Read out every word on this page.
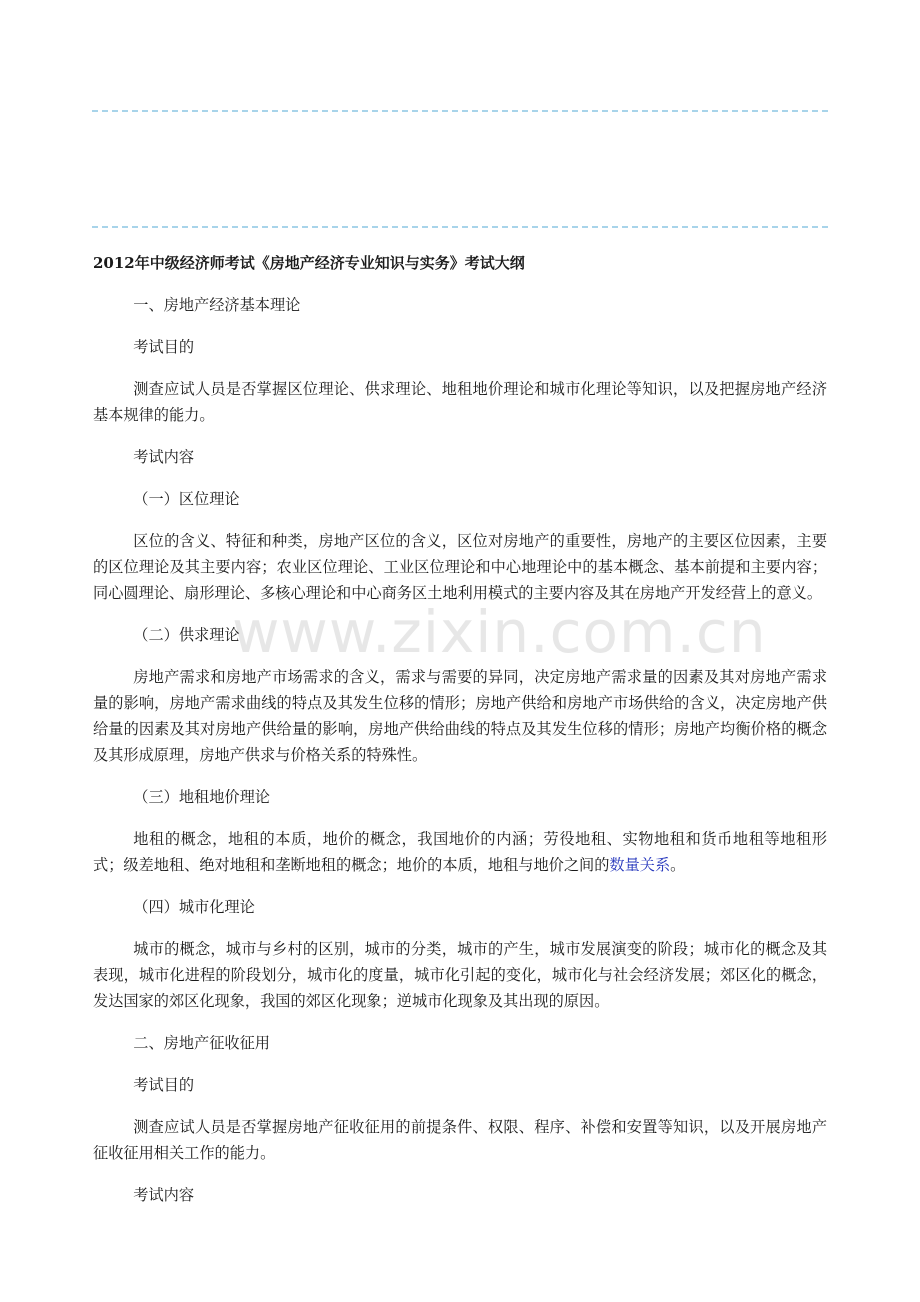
www.zixin.com.cn

2012年中级经济师考试《房地产经济专业知识与实务》考试大纲

一、房地产经济基本理论

考试目的

测查应试人员是否掌握区位理论、供求理论、地租地价理论和城市化理论等知识，以及把握房地产经济基本规律的能力。

考试内容

（一）区位理论

区位的含义、特征和种类，房地产区位的含义，区位对房地产的重要性，房地产的主要区位因素，主要的区位理论及其主要内容；农业区位理论、工业区位理论和中心地理论中的基本概念、基本前提和主要内容；同心圆理论、扇形理论、多核心理论和中心商务区土地利用模式的主要内容及其在房地产开发经营上的意义。

（二）供求理论

房地产需求和房地产市场需求的含义，需求与需要的异同，决定房地产需求量的因素及其对房地产需求量的影响，房地产需求曲线的特点及其发生位移的情形；房地产供给和房地产市场供给的含义，决定房地产供给量的因素及其对房地产供给量的影响，房地产供给曲线的特点及其发生位移的情形；房地产均衡价格的概念及其形成原理，房地产供求与价格关系的特殊性。

（三）地租地价理论

地租的概念，地租的本质，地价的概念，我国地价的内涵；劳役地租、实物地租和货币地租等地租形式；级差地租、绝对地租和垄断地租的概念；地价的本质，地租与地价之间的数量关系。

（四）城市化理论

城市的概念，城市与乡村的区别，城市的分类，城市的产生，城市发展演变的阶段；城市化的概念及其表现，城市化进程的阶段划分，城市化的度量，城市化引起的变化，城市化与社会经济发展；郊区化的概念，发达国家的郊区化现象，我国的郊区化现象；逆城市化现象及其出现的原因。

二、房地产征收征用

考试目的

测查应试人员是否掌握房地产征收征用的前提条件、权限、程序、补偿和安置等知识，以及开展房地产征收征用相关工作的能力。

考试内容
